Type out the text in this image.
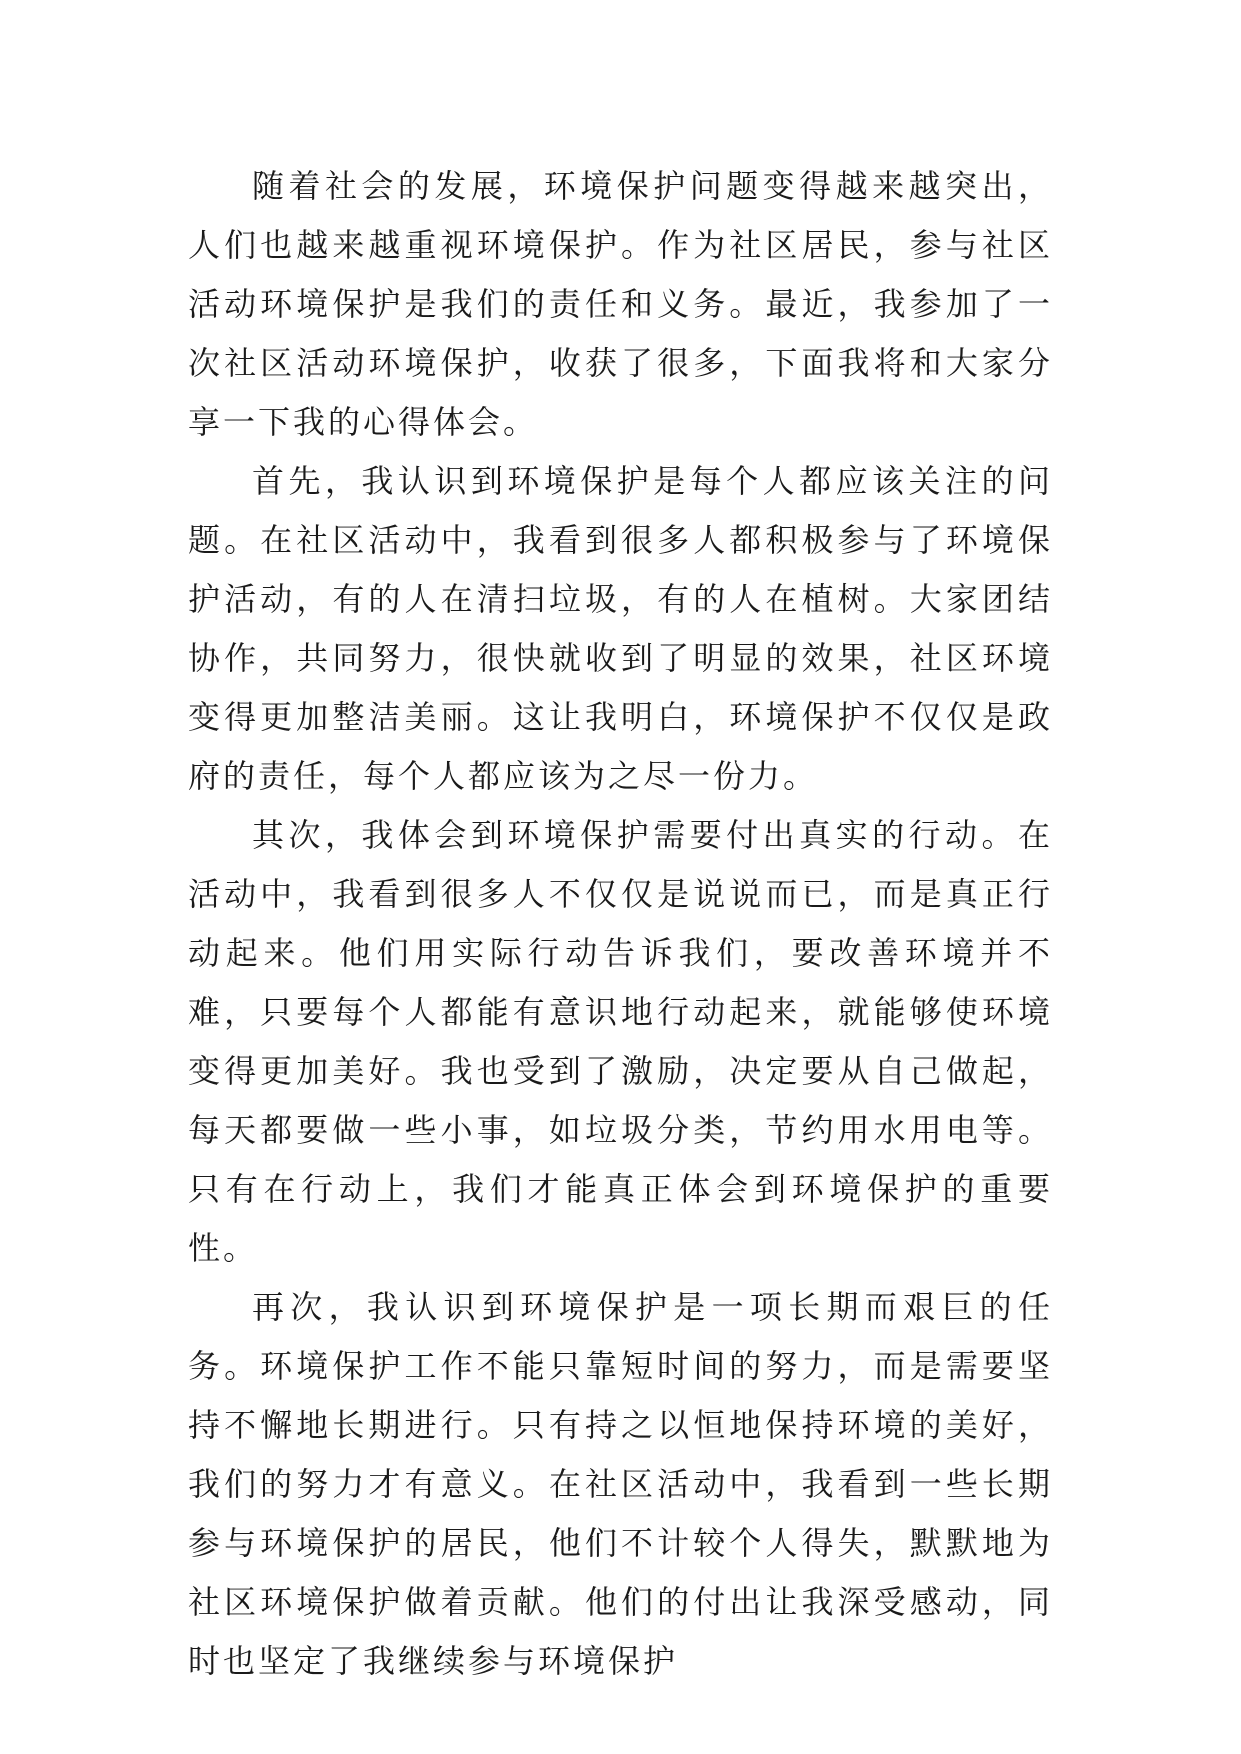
随着社会的发展，环境保护问题变得越来越突出，人们也越来越重视环境保护。作为社区居民，参与社区活动环境保护是我们的责任和义务。最近，我参加了一次社区活动环境保护，收获了很多，下面我将和大家分享一下我的心得体会。

首先，我认识到环境保护是每个人都应该关注的问题。在社区活动中，我看到很多人都积极参与了环境保护活动，有的人在清扫垃圾，有的人在植树。大家团结协作，共同努力，很快就收到了明显的效果，社区环境变得更加整洁美丽。这让我明白，环境保护不仅仅是政府的责任，每个人都应该为之尽一份力。

其次，我体会到环境保护需要付出真实的行动。在活动中，我看到很多人不仅仅是说说而已，而是真正行动起来。他们用实际行动告诉我们，要改善环境并不难，只要每个人都能有意识地行动起来，就能够使环境变得更加美好。我也受到了激励，决定要从自己做起，每天都要做一些小事，如垃圾分类，节约用水用电等。只有在行动上，我们才能真正体会到环境保护的重要性。

再次，我认识到环境保护是一项长期而艰巨的任务。环境保护工作不能只靠短时间的努力，而是需要坚持不懈地长期进行。只有持之以恒地保持环境的美好，我们的努力才有意义。在社区活动中，我看到一些长期参与环境保护的居民，他们不计较个人得失，默默地为社区环境保护做着贡献。他们的付出让我深受感动，同时也坚定了我继续参与环境保护
